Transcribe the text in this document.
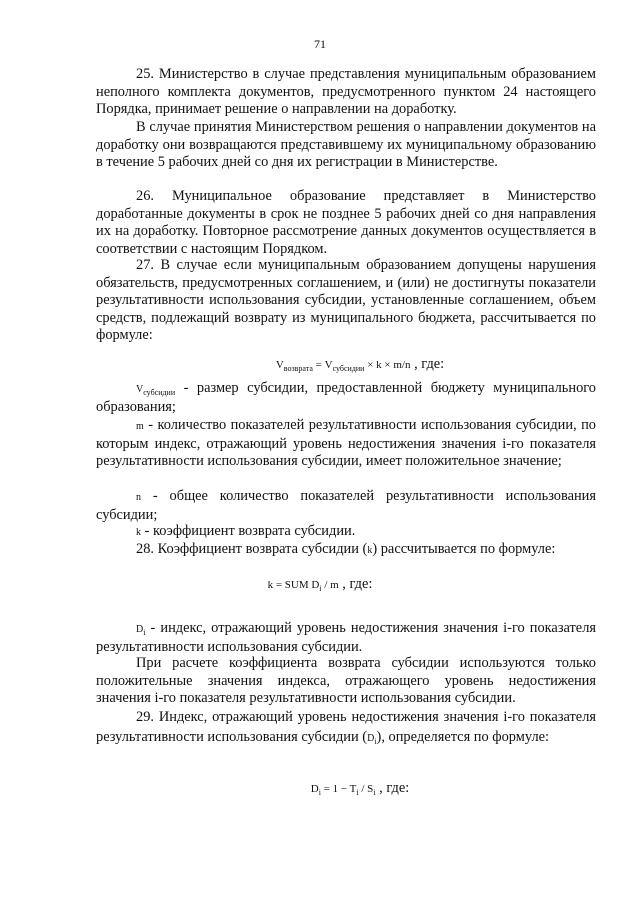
71
25. Министерство в случае представления муниципальным образованием неполного комплекта документов, предусмотренного пунктом 24 настоящего Порядка, принимает решение о направлении на доработку.
В случае принятия Министерством решения о направлении документов на доработку они возвращаются представившему их муниципальному образованию в течение 5 рабочих дней со дня их регистрации в Министерстве.
26. Муниципальное образование представляет в Министерство доработанные документы в срок не позднее 5 рабочих дней со дня направления их на доработку. Повторное рассмотрение данных документов осуществляется в соответствии с настоящим Порядком.
27. В случае если муниципальным образованием допущены нарушения обязательств, предусмотренных соглашением, и (или) не достигнуты показатели результативности использования субсидии, установленные соглашением, объем средств, подлежащий возврату из муниципального бюджета, рассчитывается по формуле:
$V_{возврата} = V_{субсидии} \times k \times m/n$ , где:
$V_{субсидии}$ - размер субсидии, предоставленной бюджету муниципального образования;
m - количество показателей результативности использования субсидии, по которым индекс, отражающий уровень недостижения значения i-го показателя результативности использования субсидии, имеет положительное значение;
n - общее количество показателей результативности использования субсидии;
k - коэффициент возврата субсидии.
28. Коэффициент возврата субсидии (k) рассчитывается по формуле:
k = SUM $D_i$ / m , где:
$D_i$ - индекс, отражающий уровень недостижения значения i-го показателя результативности использования субсидии.
При расчете коэффициента возврата субсидии используются только положительные значения индекса, отражающего уровень недостижения значения i-го показателя результативности использования субсидии.
29. Индекс, отражающий уровень недостижения значения i-го показателя результативности использования субсидии $(D_i)$, определяется по формуле:
$D_i = 1 - T_i / S_i$ , где:
